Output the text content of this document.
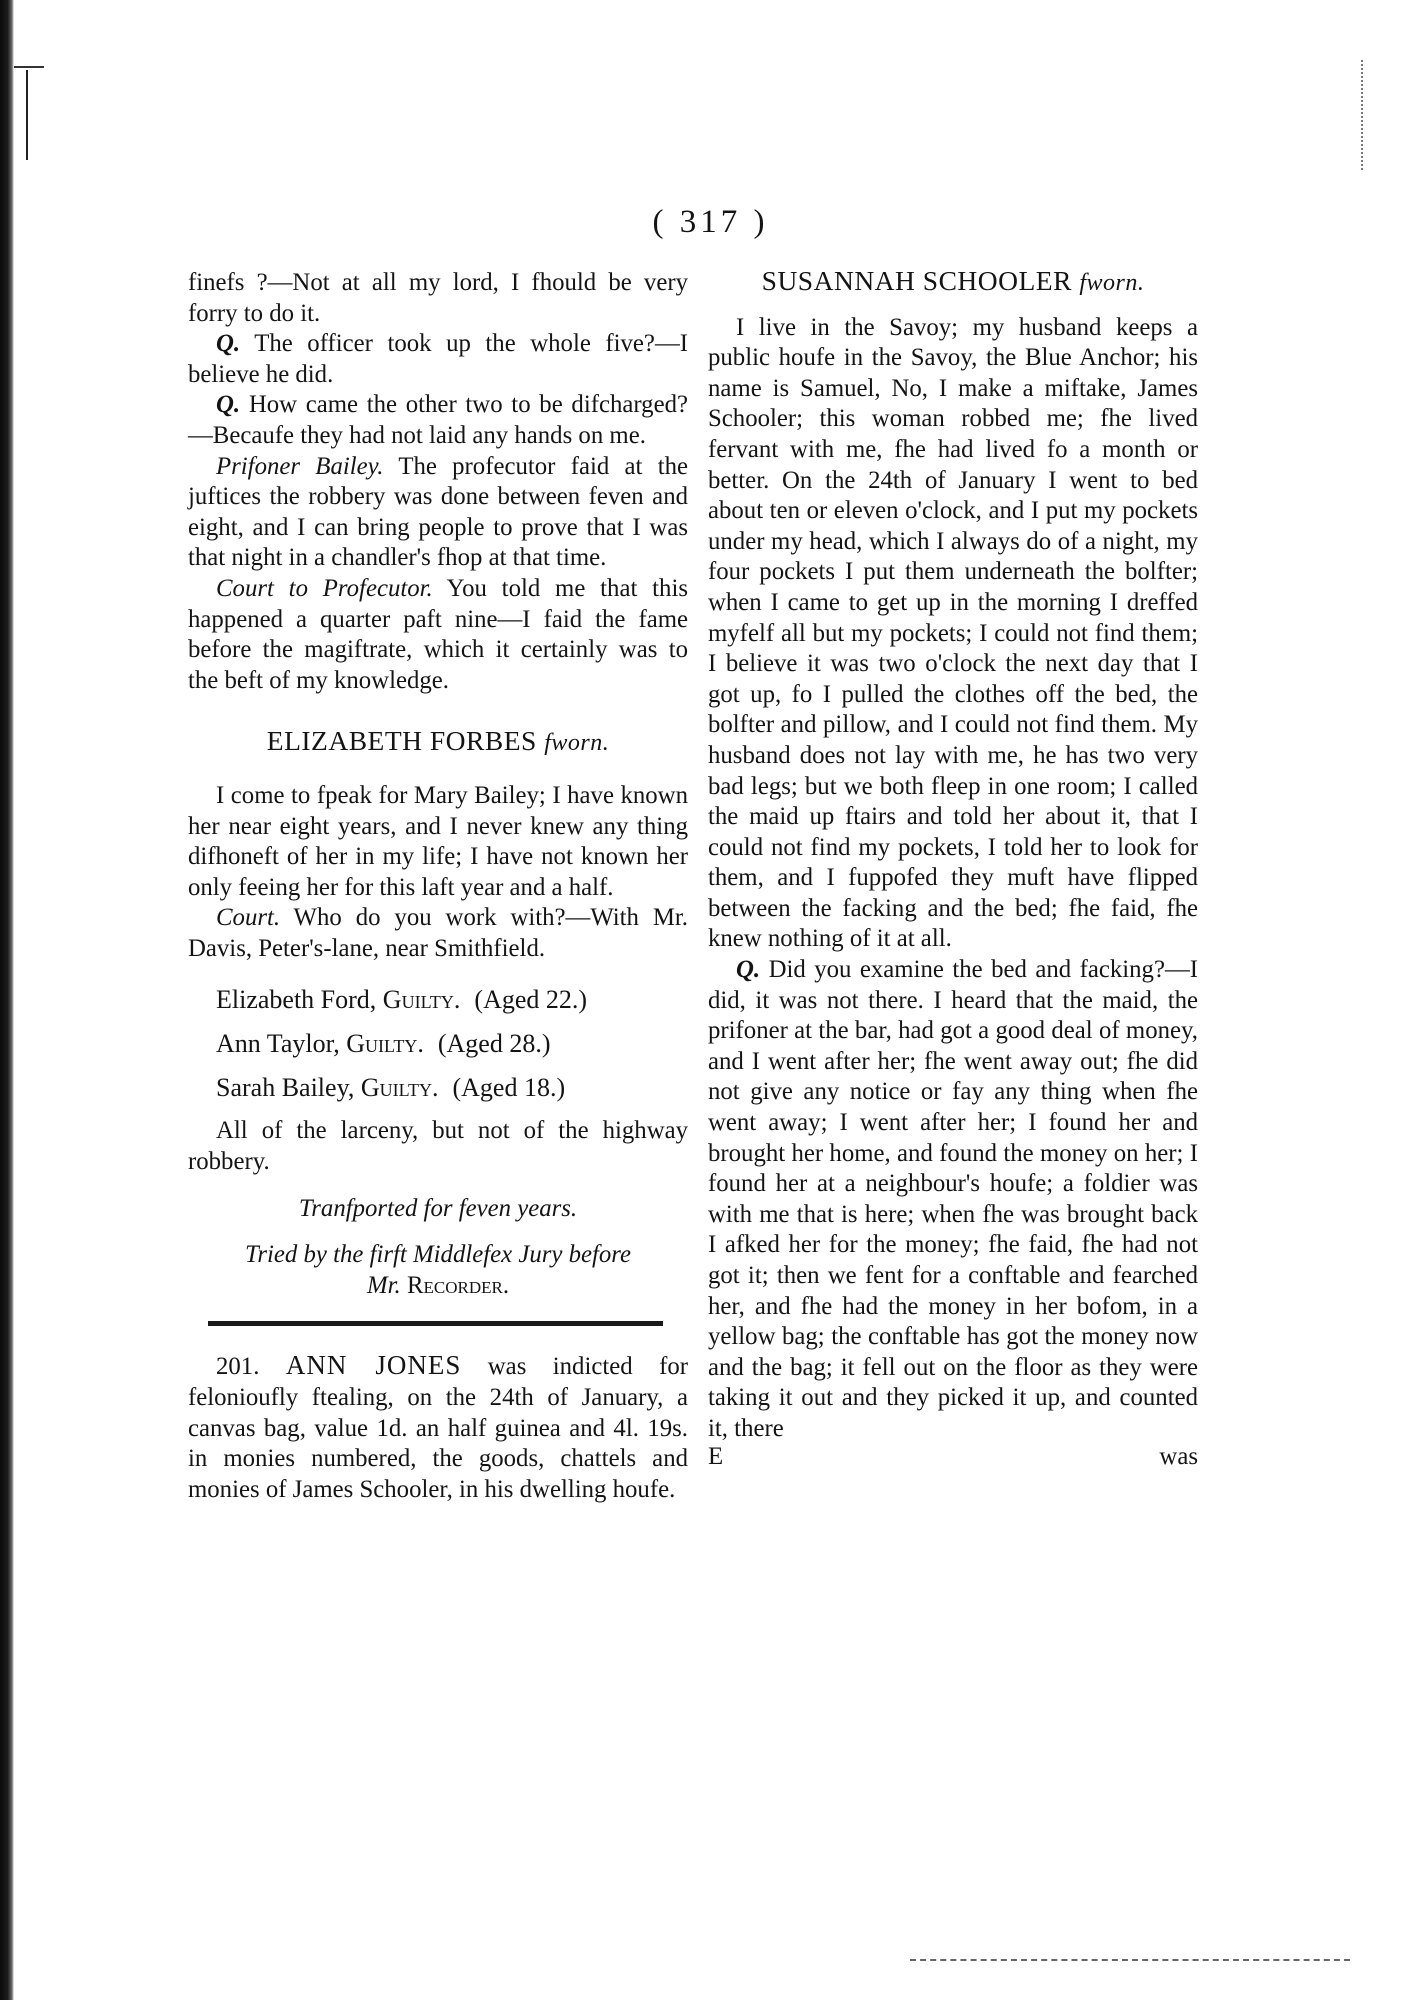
( 317 )

finefs ?—Not at all my lord, I fhould be very forry to do it.

Q. The officer took up the whole five?—I believe he did.

Q. How came the other two to be difcharged?—Becaufe they had not laid any hands on me.

Prifoner Bailey. The profecutor faid at the juftices the robbery was done between feven and eight, and I can bring people to prove that I was that night in a chandler's fhop at that time.

Court to Profecutor. You told me that this happened a quarter paft nine—I faid the fame before the magiftrate, which it certainly was to the beft of my knowledge.

ELIZABETH FORBES fworn.

I come to fpeak for Mary Bailey; I have known her near eight years, and I never knew any thing difhoneft of her in my life; I have not known her only feeing her for this laft year and a half.

Court. Who do you work with?—With Mr. Davis, Peter's-lane, near Smithfield.

Elizabeth Ford, Guilty. (Aged 22.)
Ann Taylor, Guilty. (Aged 28.)
Sarah Bailey, Guilty. (Aged 18.)

All of the larceny, but not of the highway robbery.

Tranfported for feven years.

Tried by the firft Middlefex Jury before

Mr. Recorder.

201. ANN JONES was indicted for felonioufly ftealing, on the 24th of January, a canvas bag, value 1d. an half guinea and 4l. 19s. in monies numbered, the goods, chattels and monies of James Schooler, in his dwelling houfe.

SUSANNAH SCHOOLER fworn.

I live in the Savoy; my husband keeps a public houfe in the Savoy, the Blue Anchor; his name is Samuel, No, I make a miftake, James Schooler; this woman robbed me; fhe lived fervant with me, fhe had lived fo a month or better. On the 24th of January I went to bed about ten or eleven o'clock, and I put my pockets under my head, which I always do of a night, my four pockets I put them underneath the bolfter; when I came to get up in the morning I dreffed myfelf all but my pockets; I could not find them; I believe it was two o'clock the next day that I got up, fo I pulled the clothes off the bed, the bolfter and pillow, and I could not find them. My husband does not lay with me, he has two very bad legs; but we both fleep in one room; I called the maid up ftairs and told her about it, that I could not find my pockets, I told her to look for them, and I fuppofed they muft have flipped between the facking and the bed; fhe faid, fhe knew nothing of it at all.

Q. Did you examine the bed and facking?—I did, it was not there. I heard that the maid, the prifoner at the bar, had got a good deal of money, and I went after her; fhe went away out; fhe did not give any notice or fay any thing when fhe went away; I went after her; I found her and brought her home, and found the money on her; I found her at a neighbour's houfe; a foldier was with me that is here; when fhe was brought back I afked her for the money; fhe faid, fhe had not got it; then we fent for a conftable and fearched her, and fhe had the money in her bofom, in a yellow bag; the conftable has got the money now and the bag; it fell out on the floor as they were taking it out and they picked it up, and counted it, there

E	was
